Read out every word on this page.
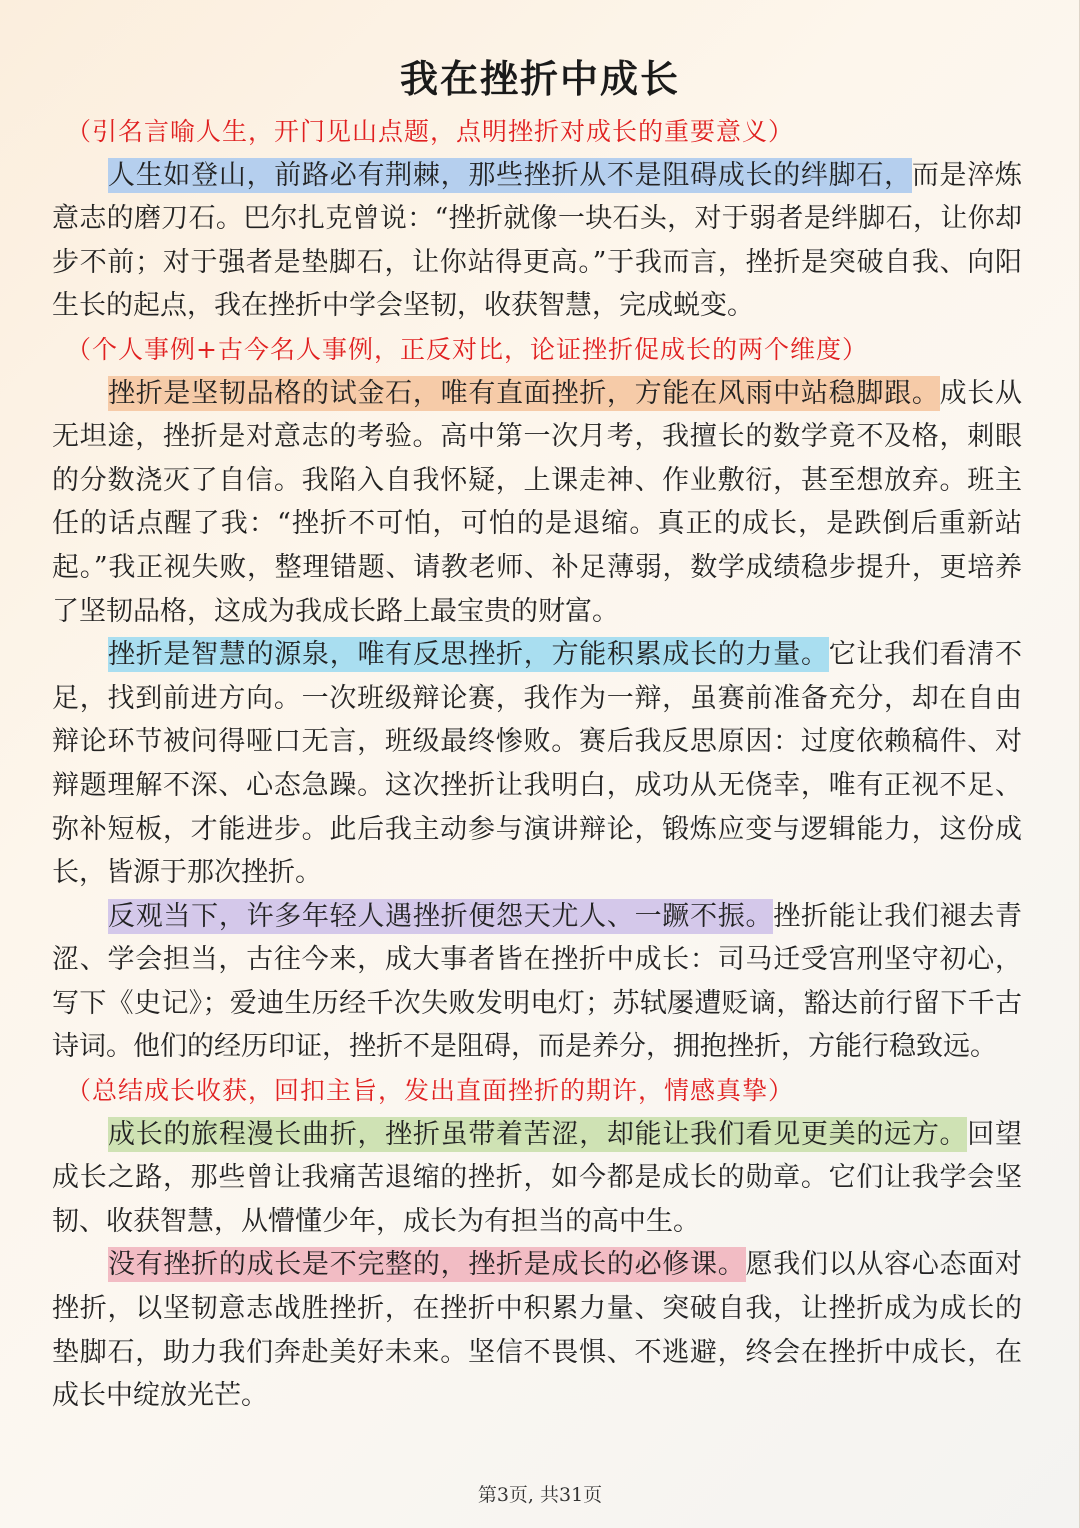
我在挫折中成长

（引名言喻人生，开门见山点题，点明挫折对成长的重要意义）

人生如登山，前路必有荆棘，那些挫折从不是阻碍成长的绊脚石，而是淬炼意志的磨刀石。巴尔扎克曾说：“挫折就像一块石头，对于弱者是绊脚石，让你却步不前；对于强者是垫脚石，让你站得更高。”于我而言，挫折是突破自我、向阳生长的起点，我在挫折中学会坚韧，收获智慧，完成蜕变。

（个人事例+古今名人事例，正反对比，论证挫折促成长的两个维度）

挫折是坚韧品格的试金石，唯有直面挫折，方能在风雨中站稳脚跟。成长从无坦途，挫折是对意志的考验。高中第一次月考，我擅长的数学竟不及格，刺眼的分数浇灭了自信。我陷入自我怀疑，上课走神、作业敷衍，甚至想放弃。班主任的话点醒了我：“挫折不可怕，可怕的是退缩。真正的成长，是跌倒后重新站起。”我正视失败，整理错题、请教老师、补足薄弱，数学成绩稳步提升，更培养了坚韧品格，这成为我成长路上最宝贵的财富。

挫折是智慧的源泉，唯有反思挫折，方能积累成长的力量。它让我们看清不足，找到前进方向。一次班级辩论赛，我作为一辩，虽赛前准备充分，却在自由辩论环节被问得哑口无言，班级最终惨败。赛后我反思原因：过度依赖稿件、对辩题理解不深、心态急躁。这次挫折让我明白，成功从无侥幸，唯有正视不足、弥补短板，才能进步。此后我主动参与演讲辩论，锻炼应变与逻辑能力，这份成长，皆源于那次挫折。

反观当下，许多年轻人遇挫折便怨天尤人、一蹶不振。挫折能让我们褪去青涩、学会担当，古往今来，成大事者皆在挫折中成长：司马迁受宫刑坚守初心，写下《史记》；爱迪生历经千次失败发明电灯；苏轼屡遭贬谪，豁达前行留下千古诗词。他们的经历印证，挫折不是阻碍，而是养分，拥抱挫折，方能行稳致远。

（总结成长收获，回扣主旨，发出直面挫折的期许，情感真挚）

成长的旅程漫长曲折，挫折虽带着苦涩，却能让我们看见更美的远方。回望成长之路，那些曾让我痛苦退缩的挫折，如今都是成长的勋章。它们让我学会坚韧、收获智慧，从懵懂少年，成长为有担当的高中生。

没有挫折的成长是不完整的，挫折是成长的必修课。愿我们以从容心态面对挫折，以坚韧意志战胜挫折，在挫折中积累力量、突破自我，让挫折成为成长的垫脚石，助力我们奔赴美好未来。坚信不畏惧、不逃避，终会在挫折中成长，在成长中绽放光芒。

第3页, 共31页
